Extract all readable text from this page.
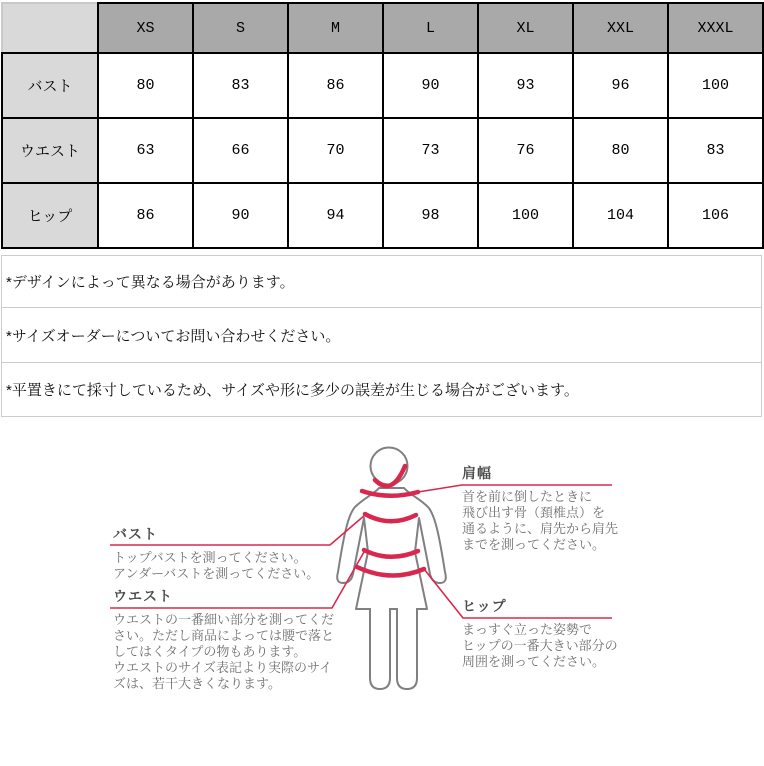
	XS	S	M	L	XL	XXL	XXXL
バスト	80	83	86	90	93	96	100
ウエスト	63	66	70	73	76	80	83
ヒップ	86	90	94	98	100	104	106
*デザインによって異なる場合があります。
*サイズオーダーについてお問い合わせください。
*平置きにて採寸しているため、サイズや形に多少の誤差が生じる場合がございます。
バスト
トップバストを測ってください。
アンダーバストを測ってください。
ウエスト
ウエストの一番細い部分を測ってくだ
さい。ただし商品によっては腰で落と
してはくタイプの物もあります。
ウエストのサイズ表記より実際のサイ
ズは、若干大きくなります。
肩幅
首を前に倒したときに
飛び出す骨（頚椎点）を
通るように、肩先から肩先
までを測ってください。
ヒップ
まっすぐ立った姿勢で
ヒップの一番大きい部分の
周囲を測ってください。
